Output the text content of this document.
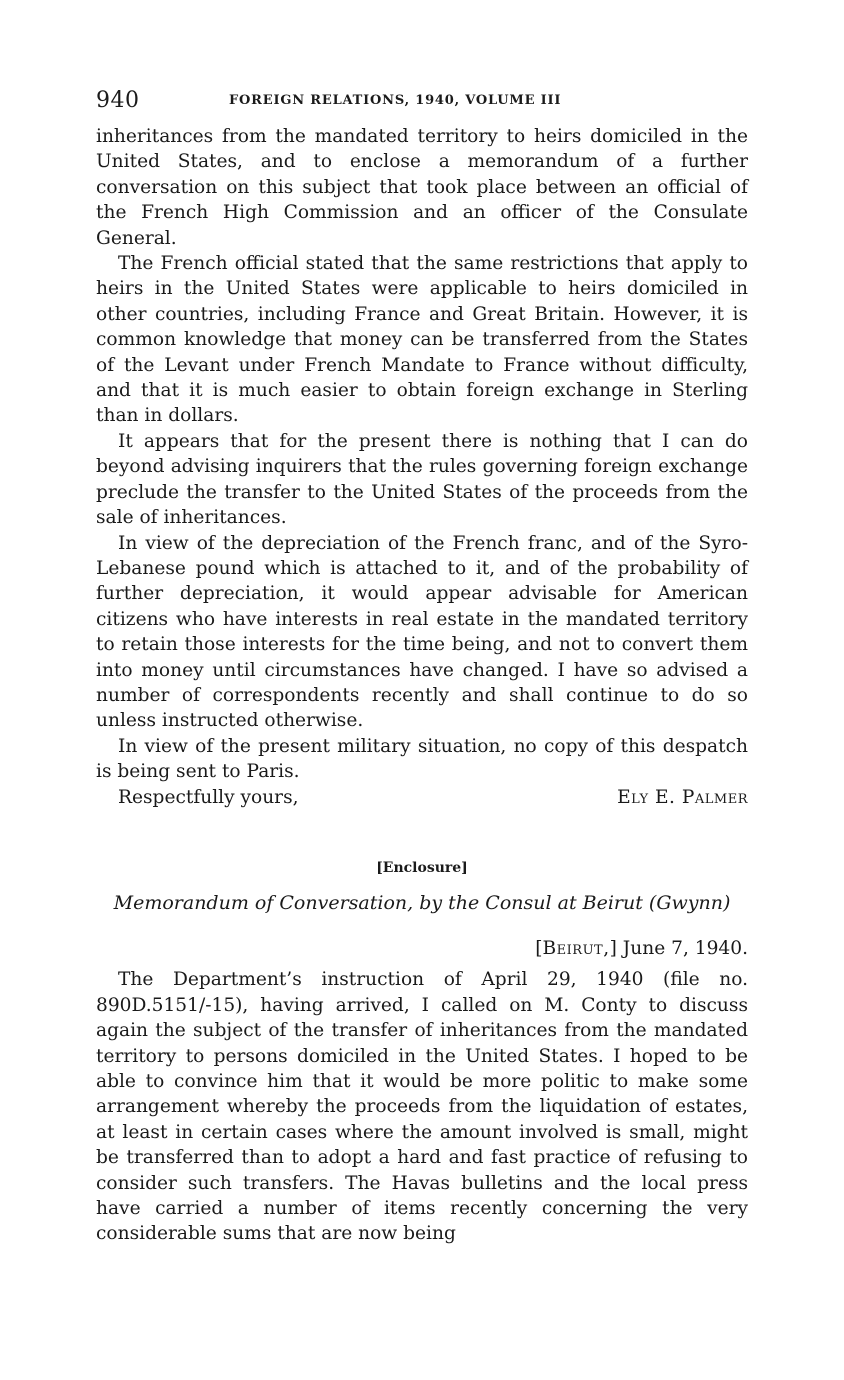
940	FOREIGN RELATIONS, 1940, VOLUME III

inheritances from the mandated territory to heirs domiciled in the United States, and to enclose a memorandum of a further conversation on this subject that took place between an official of the French High Commission and an officer of the Consulate General.

The French official stated that the same restrictions that apply to heirs in the United States were applicable to heirs domiciled in other countries, including France and Great Britain. However, it is common knowledge that money can be transferred from the States of the Levant under French Mandate to France without difficulty, and that it is much easier to obtain foreign exchange in Sterling than in dollars.

It appears that for the present there is nothing that I can do beyond advising inquirers that the rules governing foreign exchange preclude the transfer to the United States of the proceeds from the sale of inheritances.

In view of the depreciation of the French franc, and of the Syro-Lebanese pound which is attached to it, and of the probability of further depreciation, it would appear advisable for American citizens who have interests in real estate in the mandated territory to retain those interests for the time being, and not to convert them into money until circumstances have changed. I have so advised a number of correspondents recently and shall continue to do so unless instructed otherwise.

In view of the present military situation, no copy of this despatch is being sent to Paris.

Respectfully yours,	Ely E. Palmer
[Enclosure]
Memorandum of Conversation, by the Consul at Beirut (Gwynn)
[Beirut,] June 7, 1940.

The Department’s instruction of April 29, 1940 (file no. 890D.5151/-15), having arrived, I called on M. Conty to discuss again the subject of the transfer of inheritances from the mandated territory to persons domiciled in the United States. I hoped to be able to convince him that it would be more politic to make some arrangement whereby the proceeds from the liquidation of estates, at least in certain cases where the amount involved is small, might be transferred than to adopt a hard and fast practice of refusing to consider such transfers. The Havas bulletins and the local press have carried a number of items recently concerning the very considerable sums that are now being
